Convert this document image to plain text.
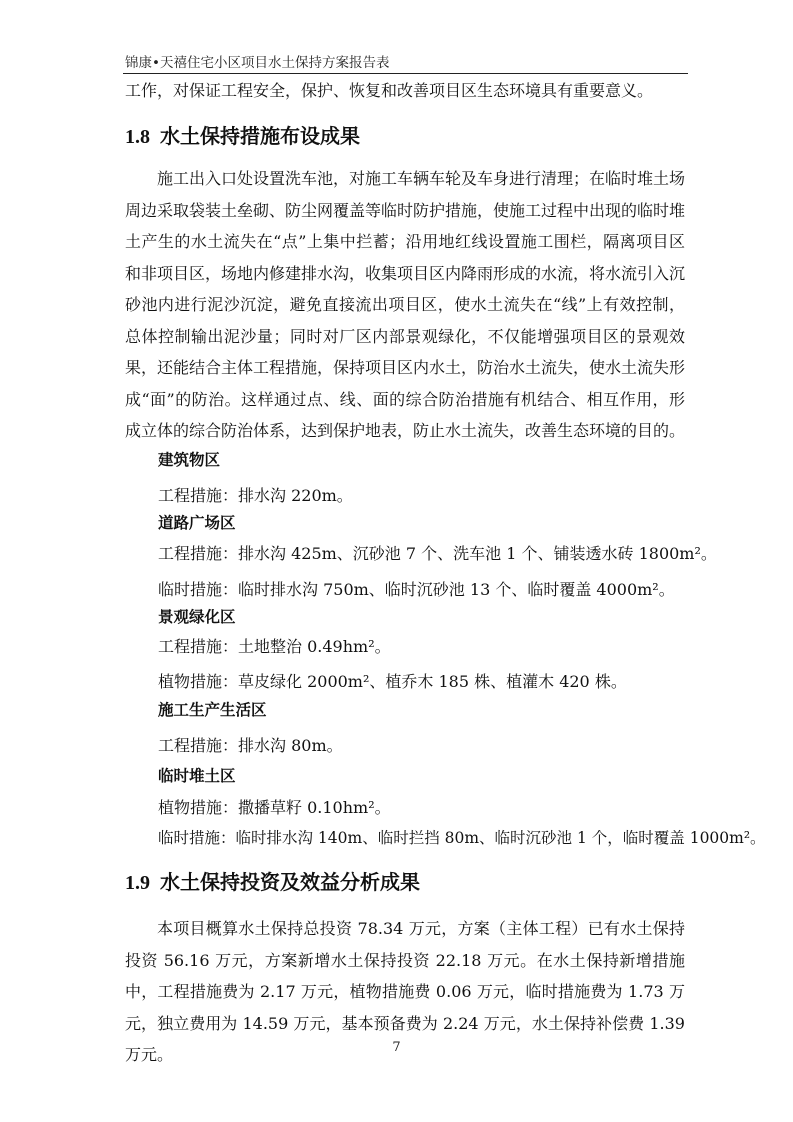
锦康•天禧住宅小区项目水土保持方案报告表

工作，对保证工程安全，保护、恢复和改善项目区生态环境具有重要意义。

1.8 水土保持措施布设成果

施工出入口处设置洗车池，对施工车辆车轮及车身进行清理；在临时堆土场周边采取袋装土垒砌、防尘网覆盖等临时防护措施，使施工过程中出现的临时堆土产生的水土流失在“点”上集中拦蓄；沿用地红线设置施工围栏，隔离项目区和非项目区，场地内修建排水沟，收集项目区内降雨形成的水流，将水流引入沉砂池内进行泥沙沉淀，避免直接流出项目区，使水土流失在“线”上有效控制，总体控制输出泥沙量；同时对厂区内部景观绿化，不仅能增强项目区的景观效果，还能结合主体工程措施，保持项目区内水土，防治水土流失，使水土流失形成“面”的防治。这样通过点、线、面的综合防治措施有机结合、相互作用，形成立体的综合防治体系，达到保护地表，防止水土流失，改善生态环境的目的。

建筑物区
工程措施：排水沟 220m。
道路广场区
工程措施：排水沟 425m、沉砂池 7 个、洗车池 1 个、铺装透水砖 1800m²。
临时措施：临时排水沟 750m、临时沉砂池 13 个、临时覆盖 4000m²。
景观绿化区
工程措施：土地整治 0.49hm²。
植物措施：草皮绿化 2000m²、植乔木 185 株、植灌木 420 株。
施工生产生活区
工程措施：排水沟 80m。
临时堆土区
植物措施：撒播草籽 0.10hm²。
临时措施：临时排水沟 140m、临时拦挡 80m、临时沉砂池 1 个，临时覆盖 1000m²。
1.9 水土保持投资及效益分析成果

本项目概算水土保持总投资 78.34 万元，方案（主体工程）已有水土保持投资 56.16 万元，方案新增水土保持投资 22.18 万元。在水土保持新增措施中，工程措施费为 2.17 万元，植物措施费 0.06 万元，临时措施费为 1.73 万元，独立费用为 14.59 万元，基本预备费为 2.24 万元，水土保持补偿费 1.39 万元。	7
